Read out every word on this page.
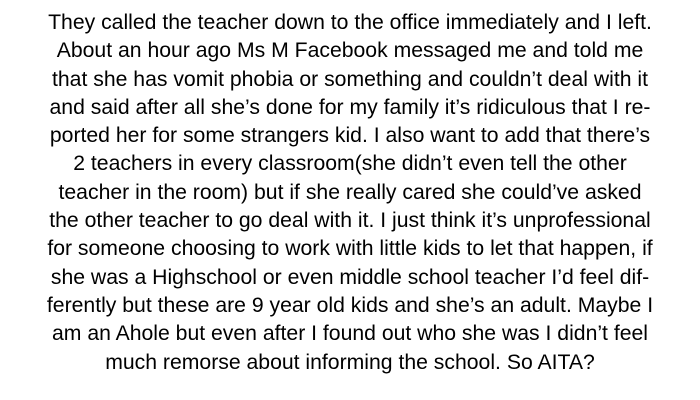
They called the teacher down to the office immediately and I left.
About an hour ago Ms M Facebook messaged me and told me
that she has vomit phobia or something and couldn’t deal with it
and said after all she’s done for my family it’s ridiculous that I re-
ported her for some strangers kid. I also want to add that there’s
2 teachers in every classroom(she didn’t even tell the other
teacher in the room) but if she really cared she could’ve asked
the other teacher to go deal with it. I just think it’s unprofessional
for someone choosing to work with little kids to let that happen, if
she was a Highschool or even middle school teacher I’d feel dif-
ferently but these are 9 year old kids and she’s an adult. Maybe I
am an Ahole but even after I found out who she was I didn’t feel
much remorse about informing the school. So AITA?
